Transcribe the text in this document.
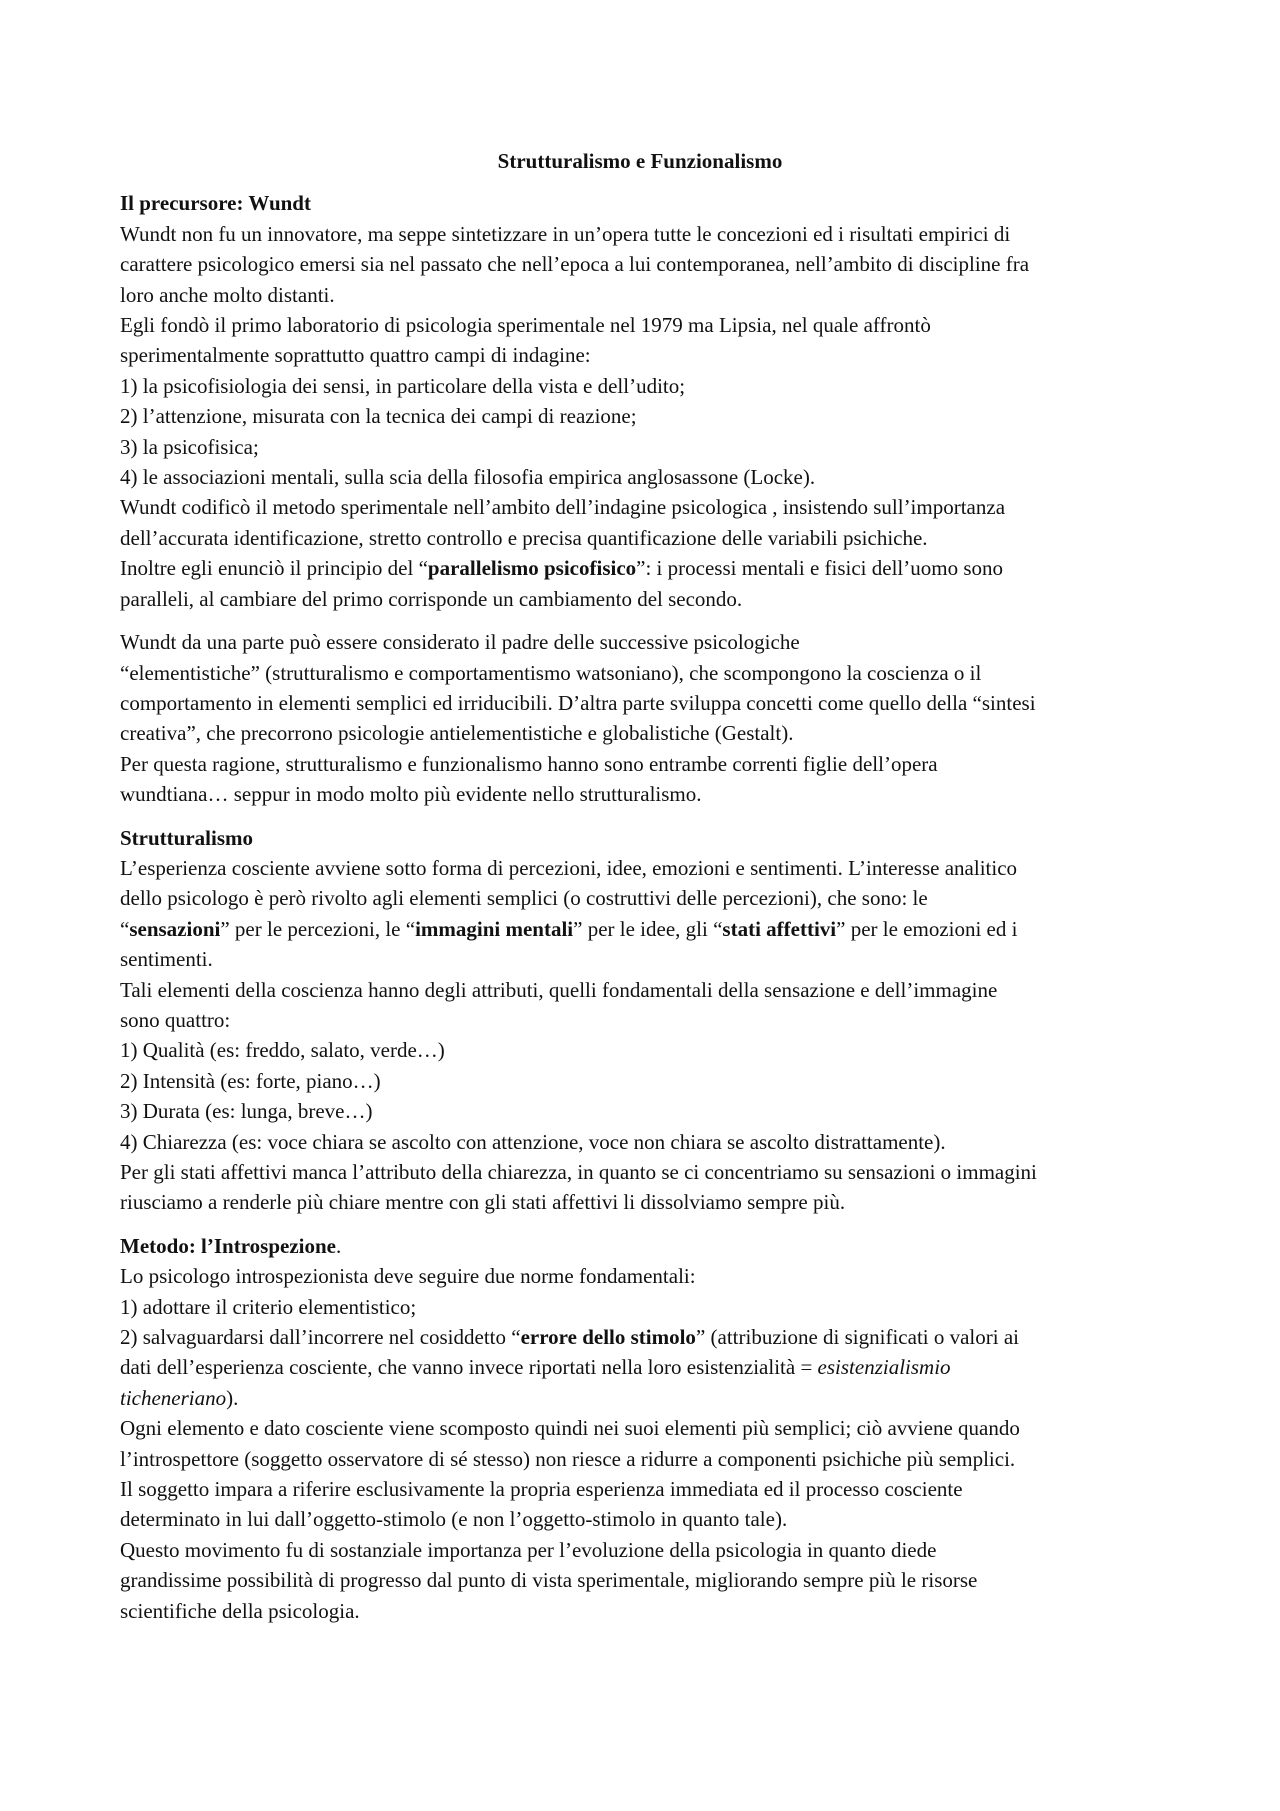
Strutturalismo e Funzionalismo

Il precursore: Wundt

Wundt non fu un innovatore, ma seppe sintetizzare in un’opera tutte le concezioni ed i risultati empirici di

carattere psicologico emersi sia nel passato che nell’epoca a lui contemporanea, nell’ambito di discipline fra

loro anche molto distanti.

Egli fondò il primo laboratorio di psicologia sperimentale nel 1979 ma Lipsia, nel quale affrontò

sperimentalmente soprattutto quattro campi di indagine:

1) la psicofisiologia dei sensi, in particolare della vista e dell’udito;

2) l’attenzione, misurata con la tecnica dei campi di reazione;

3) la psicofisica;

4) le associazioni mentali, sulla scia della filosofia empirica anglosassone (Locke).

Wundt codificò il metodo sperimentale nell’ambito dell’indagine psicologica , insistendo sull’importanza

dell’accurata identificazione, stretto controllo e precisa quantificazione delle variabili psichiche.

Inoltre egli enunciò il principio del “parallelismo psicofisico”: i processi mentali e fisici dell’uomo sono

paralleli, al cambiare del primo corrisponde un cambiamento del secondo.

Wundt da una parte può essere considerato il padre delle successive psicologiche

“elementistiche” (strutturalismo e comportamentismo watsoniano), che scompongono la coscienza o il

comportamento in elementi semplici ed irriducibili. D’altra parte sviluppa concetti come quello della “sintesi

creativa”, che precorrono psicologie antielementistiche e globalistiche (Gestalt).

Per questa ragione, strutturalismo e funzionalismo hanno sono entrambe correnti figlie dell’opera

wundtiana… seppur in modo molto più evidente nello strutturalismo.

Strutturalismo

L’esperienza cosciente avviene sotto forma di percezioni, idee, emozioni e sentimenti. L’interesse analitico

dello psicologo è però rivolto agli elementi semplici (o costruttivi delle percezioni), che sono: le

“sensazioni” per le percezioni, le “immagini mentali” per le idee, gli “stati affettivi” per le emozioni ed i

sentimenti.

Tali elementi della coscienza hanno degli attributi, quelli fondamentali della sensazione e dell’immagine

sono quattro:

1) Qualità (es: freddo, salato, verde…)

2) Intensità (es: forte, piano…)

3) Durata (es: lunga, breve…)

4) Chiarezza (es: voce chiara se ascolto con attenzione, voce non chiara se ascolto distrattamente).

Per gli stati affettivi manca l’attributo della chiarezza, in quanto se ci concentriamo su sensazioni o immagini

riusciamo a renderle più chiare mentre con gli stati affettivi li dissolviamo sempre più.

Metodo: l’Introspezione.

Lo psicologo introspezionista deve seguire due norme fondamentali:

1) adottare il criterio elementistico;

2) salvaguardarsi dall’incorrere nel cosiddetto “errore dello stimolo” (attribuzione di significati o valori ai

dati dell’esperienza cosciente, che vanno invece riportati nella loro esistenzialità = esistenzialismio

ticheneriano).

Ogni elemento e dato cosciente viene scomposto quindi nei suoi elementi più semplici; ciò avviene quando

l’introspettore (soggetto osservatore di sé stesso) non riesce a ridurre a componenti psichiche più semplici.

Il soggetto impara a riferire esclusivamente la propria esperienza immediata ed il processo cosciente

determinato in lui dall’oggetto-stimolo (e non l’oggetto-stimolo in quanto tale).

Questo movimento fu di sostanziale importanza per l’evoluzione della psicologia in quanto diede

grandissime possibilità di progresso dal punto di vista sperimentale, migliorando sempre più le risorse

scientifiche della psicologia.
